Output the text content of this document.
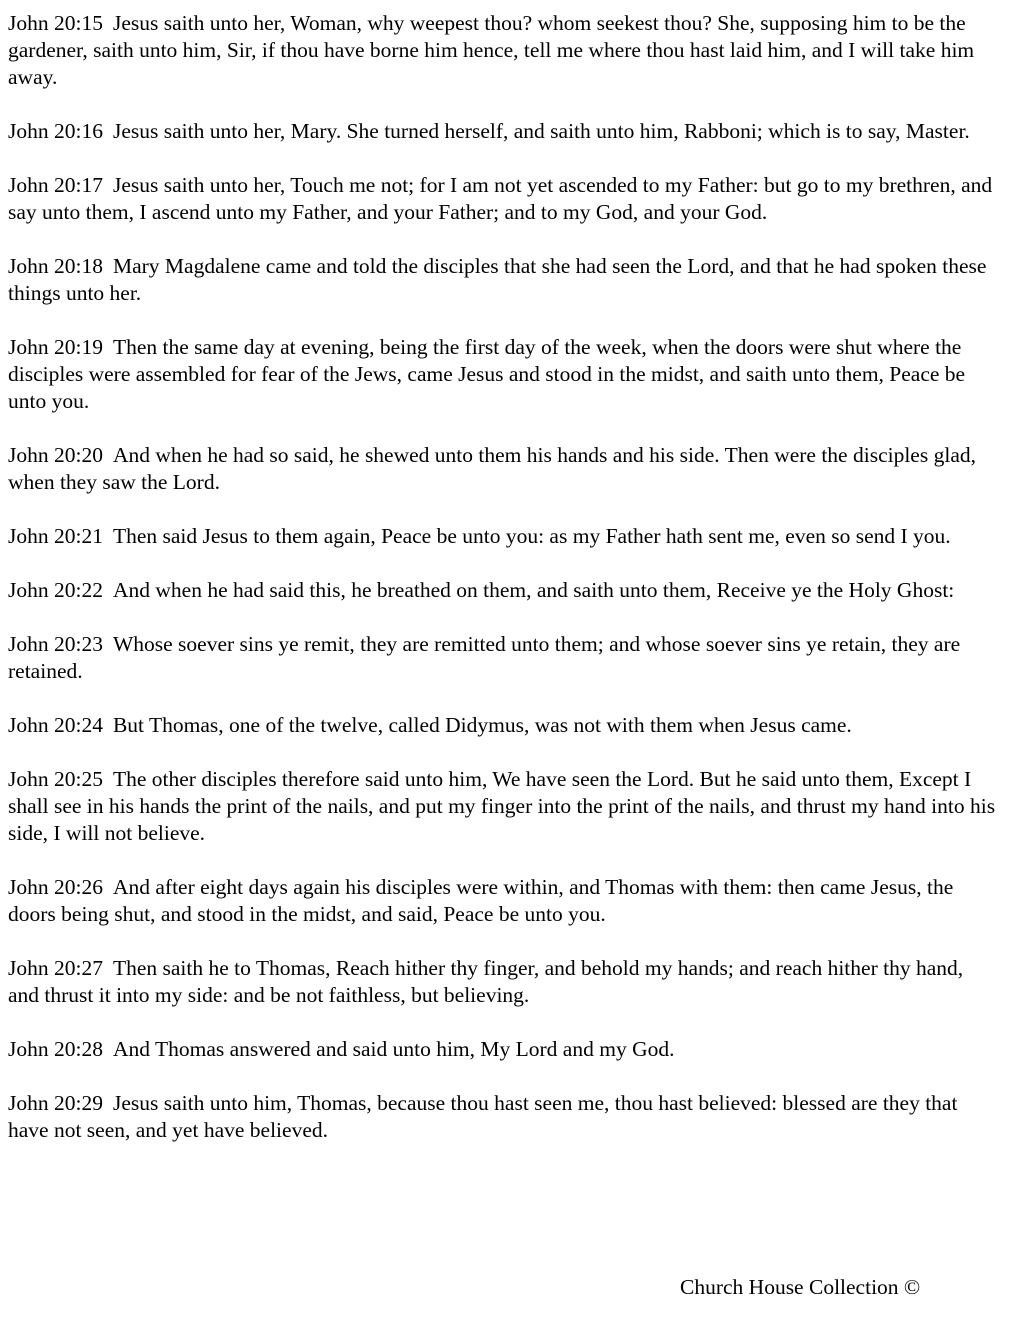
John 20:15 Jesus saith unto her, Woman, why weepest thou? whom seekest thou? She, supposing him to be the gardener, saith unto him, Sir, if thou have borne him hence, tell me where thou hast laid him, and I will take him away.

John 20:16 Jesus saith unto her, Mary. She turned herself, and saith unto him, Rabboni; which is to say, Master.

John 20:17 Jesus saith unto her, Touch me not; for I am not yet ascended to my Father: but go to my brethren, and say unto them, I ascend unto my Father, and your Father; and to my God, and your God.

John 20:18 Mary Magdalene came and told the disciples that she had seen the Lord, and that he had spoken these things unto her.

John 20:19 Then the same day at evening, being the first day of the week, when the doors were shut where the disciples were assembled for fear of the Jews, came Jesus and stood in the midst, and saith unto them, Peace be unto you.

John 20:20 And when he had so said, he shewed unto them his hands and his side. Then were the disciples glad, when they saw the Lord.

John 20:21 Then said Jesus to them again, Peace be unto you: as my Father hath sent me, even so send I you.

John 20:22 And when he had said this, he breathed on them, and saith unto them, Receive ye the Holy Ghost:

John 20:23 Whose soever sins ye remit, they are remitted unto them; and whose soever sins ye retain, they are retained.

John 20:24 But Thomas, one of the twelve, called Didymus, was not with them when Jesus came.

John 20:25 The other disciples therefore said unto him, We have seen the Lord. But he said unto them, Except I shall see in his hands the print of the nails, and put my finger into the print of the nails, and thrust my hand into his side, I will not believe.

John 20:26 And after eight days again his disciples were within, and Thomas with them: then came Jesus, the doors being shut, and stood in the midst, and said, Peace be unto you.

John 20:27 Then saith he to Thomas, Reach hither thy finger, and behold my hands; and reach hither thy hand, and thrust it into my side: and be not faithless, but believing.

John 20:28 And Thomas answered and said unto him, My Lord and my God.

John 20:29 Jesus saith unto him, Thomas, because thou hast seen me, thou hast believed: blessed are they that have not seen, and yet have believed.

Church House Collection ©
